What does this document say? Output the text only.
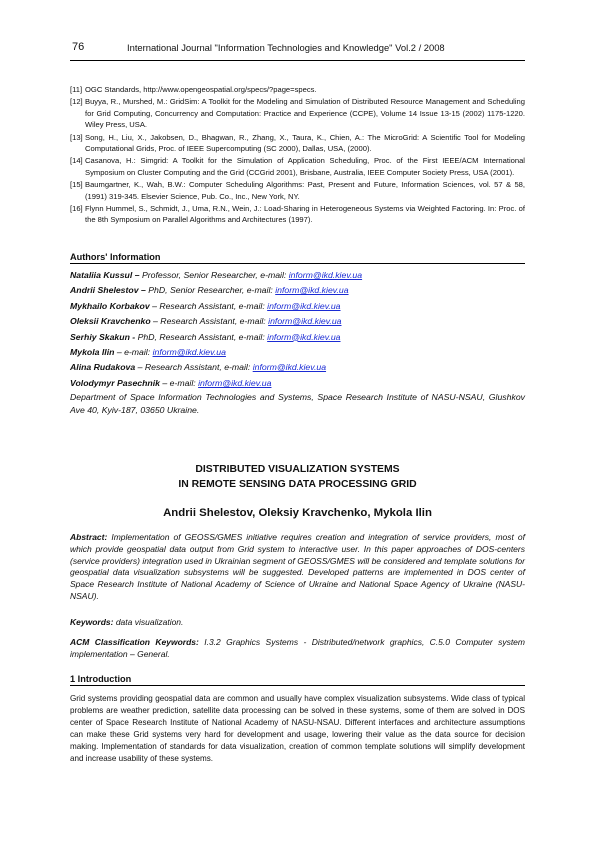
76	International Journal "Information Technologies and Knowledge" Vol.2 / 2008
[11] OGC Standards, http://www.opengeospatial.org/specs/?page=specs.
[12] Buyya, R., Murshed, M.: GridSim: A Toolkit for the Modeling and Simulation of Distributed Resource Management and Scheduling for Grid Computing, Concurrency and Computation: Practice and Experience (CCPE), Volume 14 Issue 13-15 (2002) 1175-1220. Wiley Press, USA.
[13] Song, H., Liu, X., Jakobsen, D., Bhagwan, R., Zhang, X., Taura, K., Chien, A.: The MicroGrid: A Scientific Tool for Modeling Computational Grids, Proc. of IEEE Supercomputing (SC 2000), Dallas, USA, (2000).
[14] Casanova, H.: Simgrid: A Toolkit for the Simulation of Application Scheduling, Proc. of the First IEEE/ACM International Symposium on Cluster Computing and the Grid (CCGrid 2001), Brisbane, Australia, IEEE Computer Society Press, USA (2001).
[15] Baumgartner, K., Wah, B.W.: Computer Scheduling Algorithms: Past, Present and Future, Information Sciences, vol. 57 & 58, (1991) 319-345. Elsevier Science, Pub. Co., Inc., New York, NY.
[16] Flynn Hummel, S., Schmidt, J., Uma, R.N., Wein, J.: Load-Sharing in Heterogeneous Systems via Weighted Factoring. In: Proc. of the 8th Symposium on Parallel Algorithms and Architectures (1997).
Authors' Information
Nataliia Kussul – Professor, Senior Researcher, e-mail: inform@ikd.kiev.ua
Andrii Shelestov – PhD, Senior Researcher, e-mail: inform@ikd.kiev.ua
Mykhailo Korbakov – Research Assistant, e-mail: inform@ikd.kiev.ua
Oleksii Kravchenko – Research Assistant, e-mail: inform@ikd.kiev.ua
Serhiy Skakun - PhD, Research Assistant, e-mail: inform@ikd.kiev.ua
Mykola Ilin – e-mail: inform@ikd.kiev.ua
Alina Rudakova – Research Assistant, e-mail: inform@ikd.kiev.ua
Volodymyr Pasechnik – e-mail: inform@ikd.kiev.ua
Department of Space Information Technologies and Systems, Space Research Institute of NASU-NSAU, Glushkov Ave 40, Kyiv-187, 03650 Ukraine.
DISTRIBUTED VISUALIZATION SYSTEMS
IN REMOTE SENSING DATA PROCESSING GRID
Andrii Shelestov, Oleksiy Kravchenko, Mykola Ilin
Abstract: Implementation of GEOSS/GMES initiative requires creation and integration of service providers, most of which provide geospatial data output from Grid system to interactive user. In this paper approaches of DOS-centers (service providers) integration used in Ukrainian segment of GEOSS/GMES will be considered and template solutions for geospatial data visualization subsystems will be suggested. Developed patterns are implemented in DOS center of Space Research Institute of National Academy of Science of Ukraine and National Space Agency of Ukraine (NASU-NSAU).
Keywords: data visualization.
ACM Classification Keywords: I.3.2 Graphics Systems - Distributed/network graphics, C.5.0 Computer system implementation – General.
1 Introduction
Grid systems providing geospatial data are common and usually have complex visualization subsystems. Wide class of typical problems are weather prediction, satellite data processing can be solved in these systems, some of them are solved in DOS center of Space Research Institute of National Academy of NASU-NSAU. Different interfaces and architecture assumptions can make these Grid systems very hard for development and usage, lowering their value as the data source for decision making. Implementation of standards for data visualization, creation of common template solutions will simplify development and increase usability of these systems.
